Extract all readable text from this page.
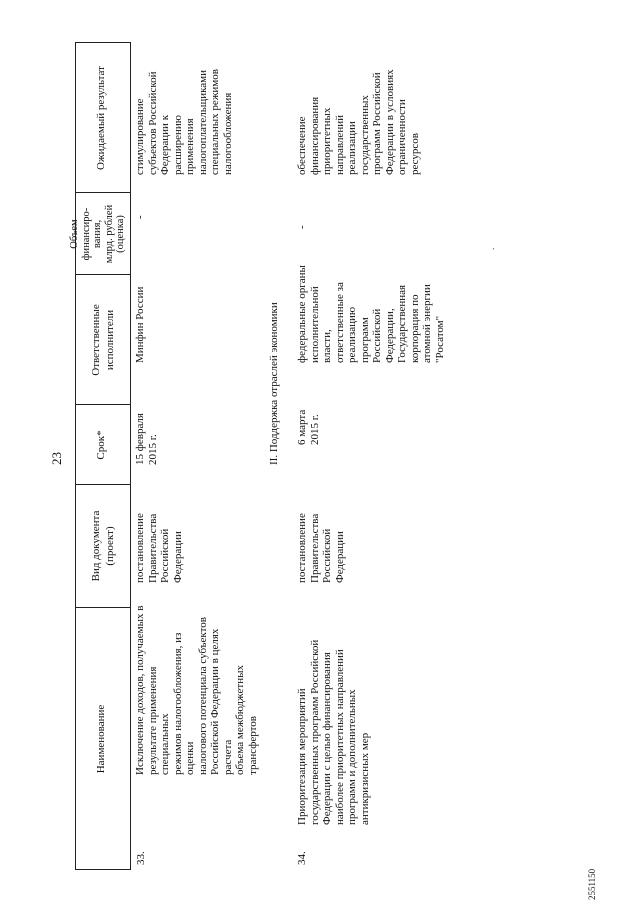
23
Наименование
Вид документа
(проект)
Срок*
Ответственные
исполнители
Объем
финансиро-
вания,
млрд. рублей
(оценка)
Ожидаемый результат
33.
Исключение доходов, получаемых в
результате применения специальных
режимов налогообложения, из оценки
налогового потенциала субъектов
Российской Федерации в целях расчета
объема межбюджетных трансфертов
постановление
Правительства
Российской
Федерации
15 февраля
2015 г.
Минфин России
-
стимулирование
субъектов Российской
Федерации к
расширению
применения
налогоплательщиками
специальных режимов
налогообложения
II. Поддержка отраслей экономики
34.
Приоритезация мероприятий
государственных программ Российской
Федерации с целью финансирования
наиболее приоритетных направлений
программ и дополнительных
антикризисных мер
постановление
Правительства
Российской
Федерации
6 марта
2015 г.
федеральные органы
исполнительной
власти,
ответственные за
реализацию
программ
Российской
Федерации,
Государственная
корпорация по
атомной энергии
"Росатом"
-
обеспечение
финансирования
приоритетных
направлений
реализации
государственных
программ Российской
Федерации в условиях
ограниченности
ресурсов
.
2551150
